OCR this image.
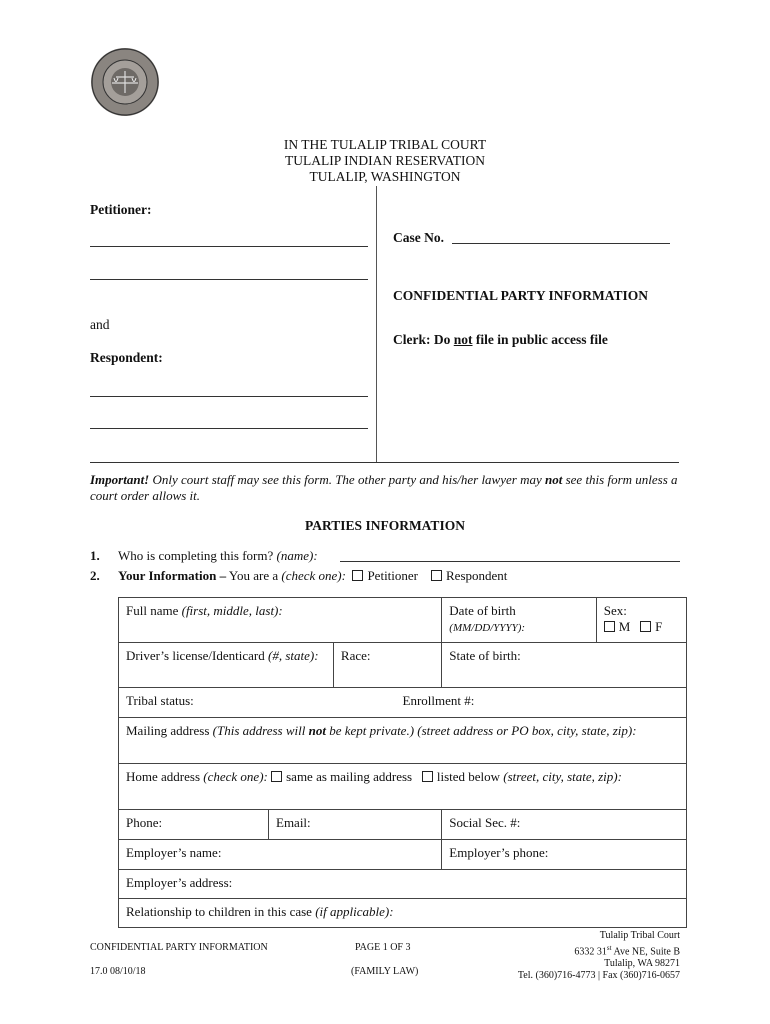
IN THE TULALIP TRIBAL COURT
TULALIP INDIAN RESERVATION
TULALIP, WASHINGTON
Petitioner:
and
Respondent:
Case No.
CONFIDENTIAL PARTY INFORMATION
Clerk: Do not file in public access file
Important! Only court staff may see this form. The other party and his/her lawyer may not see this form unless a court order allows it.
PARTIES INFORMATION
1. Who is completing this form? (name):
2. Your Information – You are a (check one): Petitioner Respondent
Full name (first, middle, last):			Date of birth (MM/DD/YYYY):	Sex:
M F

Driver’s license/Identicard (#, state):		Race:	State of birth:	
Tribal status: Enrollment #:				

Mailing address (This address will not be kept private.) (street address or PO box, city, state, zip):				
Home address (check one): same as mailing address listed below (street, city, state, zip):				
Phone:	Email:		Social Sec. #:	
Employer’s name:			Employer’s phone:	
Employer’s address:				
Relationship to children in this case (if applicable):				
CONFIDENTIAL PARTY INFORMATION
17.0 08/10/18
PAGE 1 OF 3
(FAMILY LAW)
Tulalip Tribal Court
6332 31st Ave NE, Suite B
Tulalip, WA 98271
Tel. (360)716-4773 | Fax (360)716-0657
